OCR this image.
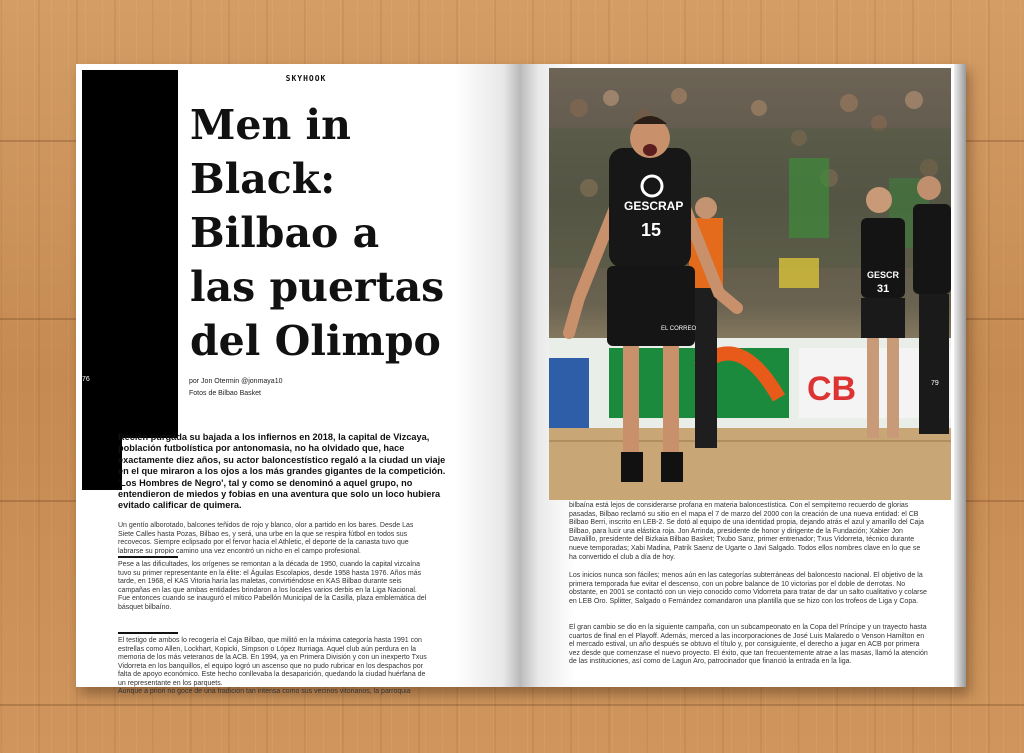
76
SKYHOOK
Men in
Black:
Bilbao a
las puertas
del Olimpo
por Jon Otermin @jonmaya10
Fotos de Bilbao Basket

Recién purgada su bajada a los infiernos en 2018, la capital de Vizcaya, población futbolística por antonomasia, no ha olvidado que, hace exactamente diez años, su actor baloncestístico regaló a la ciudad un viaje en el que miraron a los ojos a los más grandes gigantes de la competición. 'Los Hombres de Negro', tal y como se denominó a aquel grupo, no entendieron de miedos y fobias en una aventura que solo un loco hubiera evitado calificar de quimera.

Un gentío alborotado, balcones teñidos de rojo y blanco, olor a partido en los bares. Desde Las Siete Calles hasta Pozas, Bilbao es, y será, una urbe en la que se respira fútbol en todos sus recovecos. Siempre eclipsado por el fervor hacia el Athletic, el deporte de la canasta tuvo que labrarse su propio camino una vez encontró un nicho en el campo profesional.

Pese a las dificultades, los orígenes se remontan a la década de 1950, cuando la capital vizcaína tuvo su primer representante en la élite: el Águilas Escolapios, desde 1958 hasta 1976. Años más tarde, en 1968, el KAS Vitoria haría las maletas, convirtiéndose en KAS Bilbao durante seis campañas en las que ambas entidades brindaron a los locales varios derbis en la Liga Nacional. Fue entonces cuando se inauguró el mítico Pabellón Municipal de la Casilla, plaza emblemática del básquet bilbaíno.

El testigo de ambos lo recogería el Caja Bilbao, que militó en la máxima categoría hasta 1991 con estrellas como Allen, Lockhart, Kopicki, Simpson o López Iturriaga. Aquel club aún perdura en la memoria de los más veteranos de la ACB. En 1994, ya en Primera División y con un inexperto Txus Vidorreta en los banquillos, el equipo logró un ascenso que no pudo rubricar en los despachos por falta de apoyo económico. Este hecho conllevaba la desaparición, quedando la ciudad huérfana de un representante en los parquets.

Aunque a priori no goce de una tradición tan intensa como sus vecinos vitorianos, la parroquia

CB
GESCR
31
GESCRAP
15
EL CORREO
79

bilbaína está lejos de considerarse profana en materia baloncestística. Con el sempiterno recuerdo de glorias pasadas, Bilbao reclamó su sitio en el mapa el 7 de marzo del 2000 con la creación de una nueva entidad: el CB Bilbao Berri, inscrito en LEB-2. Se dotó al equipo de una identidad propia, dejando atrás el azul y amarillo del Caja Bilbao, para lucir una elástica roja. Jon Arrinda, presidente de honor y dirigente de la Fundación; Xabier Jon Davalillo, presidente del Bizkaia Bilbao Basket; Txubo Sanz, primer entrenador; Txus Vidorreta, técnico durante nueve temporadas; Xabi Madina, Patrik Saenz de Ugarte o Javi Salgado. Todos ellos nombres clave en lo que se ha convertido el club a día de hoy.

Los inicios nunca son fáciles; menos aún en las categorías subterráneas del baloncesto nacional. El objetivo de la primera temporada fue evitar el descenso, con un pobre balance de 10 victorias por el doble de derrotas. No obstante, en 2001 se contactó con un viejo conocido como Vidorreta para tratar de dar un salto cualitativo y colarse en LEB Oro. Splitter, Salgado o Fernández comandaron una plantilla que se hizo con los trofeos de Liga y Copa.

El gran cambio se dio en la siguiente campaña, con un subcampeonato en la Copa del Príncipe y un trayecto hasta cuartos de final en el Playoff. Además, merced a las incorporaciones de José Luis Malaredo o Venson Hamilton en el mercado estival, un año después se obtuvo el título y, por consiguiente, el derecho a jugar en ACB por primera vez desde que comenzase el nuevo proyecto. El éxito, que tan frecuentemente atrae a las masas, llamó la atención de las instituciones, así como de Lagun Aro, patrocinador que financió la entrada en la liga.
